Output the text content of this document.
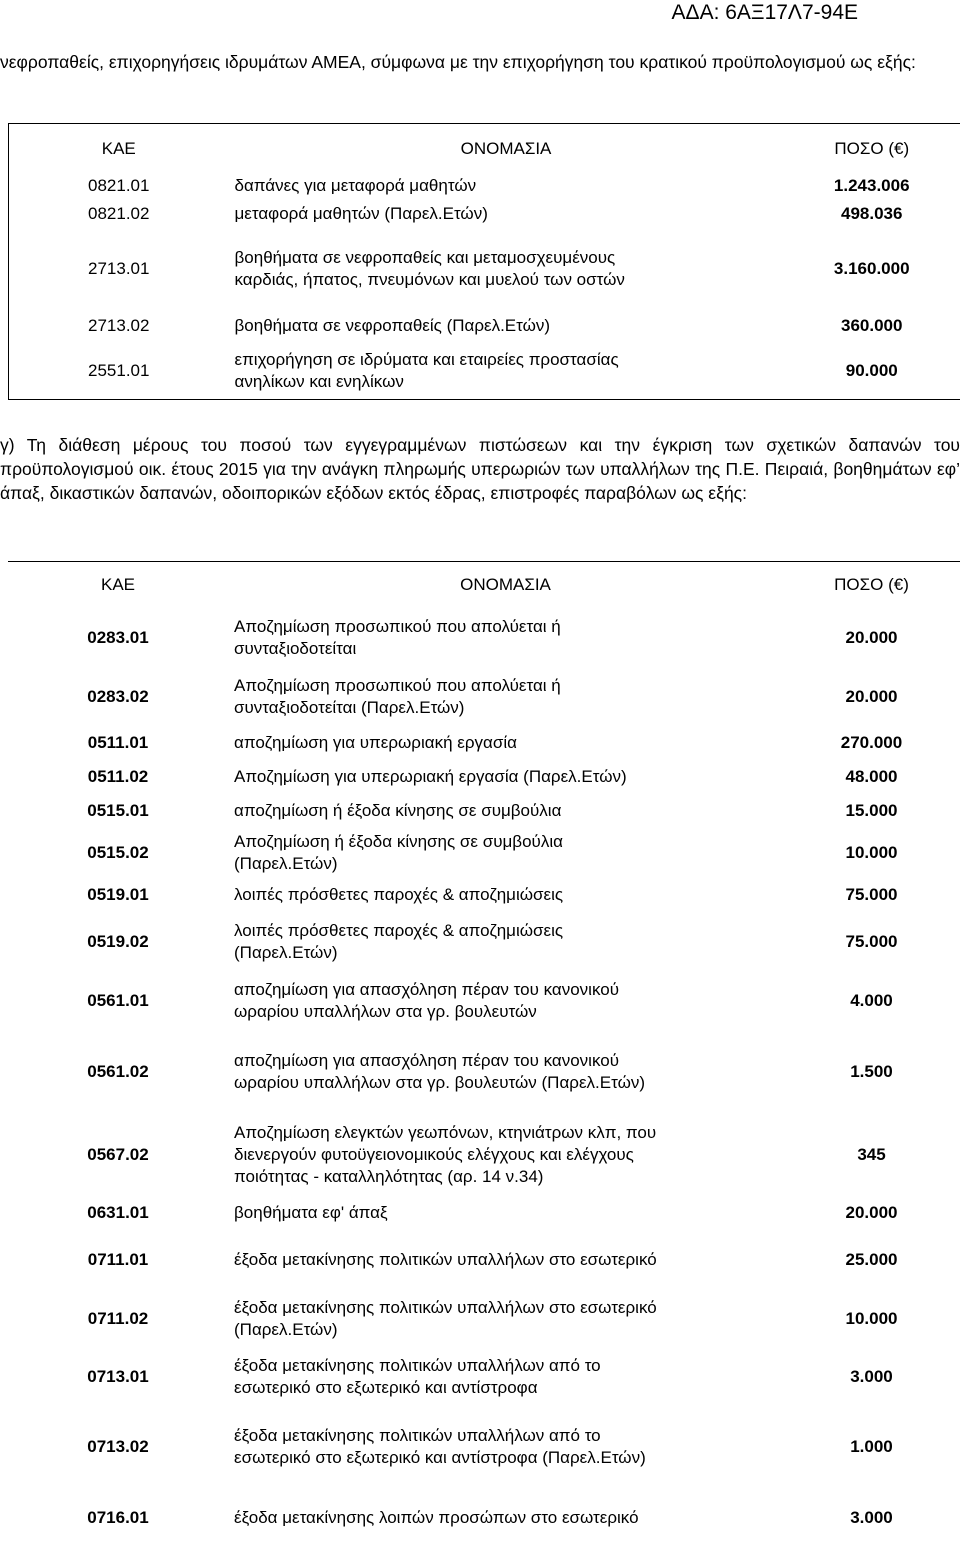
ΑΔΑ: 6ΑΞ17Λ7-94Ε
νεφροπαθείς, επιχορηγήσεις ιδρυμάτων ΑΜΕΑ, σύμφωνα με την επιχορήγηση του κρατικού προϋπολογισμού ως εξής:
ΚΑΕ	ΟΝΟΜΑΣΙΑ	ΠΟΣΟ (€)
0821.01	δαπάνες για μεταφορά μαθητών	1.243.006
0821.02	μεταφορά μαθητών (Παρελ.Ετών)	498.036
2713.01	βοηθήματα σε νεφροπαθείς και μεταμοσχευμένους καρδιάς, ήπατος, πνευμόνων και μυελού των οστών	3.160.000
2713.02	βοηθήματα σε νεφροπαθείς (Παρελ.Ετών)	360.000
2551.01	επιχορήγηση σε ιδρύματα και εταιρείες προστασίας ανηλίκων και ενηλίκων	90.000
γ) Τη διάθεση μέρους του ποσού των εγγεγραμμένων πιστώσεων και την έγκριση των σχετικών δαπανών του προϋπολογισμού οικ. έτους 2015 για την ανάγκη πληρωμής υπερωριών των υπαλλήλων της Π.Ε. Πειραιά, βοηθημάτων εφ’ άπαξ, δικαστικών δαπανών, οδοιπορικών εξόδων εκτός έδρας, επιστροφές παραβόλων ως εξής:
ΚΑΕ	ΟΝΟΜΑΣΙΑ	ΠΟΣΟ (€)
0283.01	Αποζημίωση προσωπικού που απολύεται ή συνταξιοδοτείται	20.000
0283.02	Αποζημίωση προσωπικού που απολύεται ή συνταξιοδοτείται (Παρελ.Ετών)	20.000
0511.01	αποζημίωση για υπερωριακή εργασία	270.000
0511.02	Αποζημίωση για υπερωριακή εργασία (Παρελ.Ετών)	48.000
0515.01	αποζημίωση ή έξοδα κίνησης σε συμβούλια	15.000
0515.02	Αποζημίωση ή έξοδα κίνησης σε συμβούλια (Παρελ.Ετών)	10.000
0519.01	λοιπές πρόσθετες παροχές & αποζημιώσεις	75.000
0519.02	λοιπές πρόσθετες παροχές & αποζημιώσεις (Παρελ.Ετών)	75.000
0561.01	αποζημίωση για απασχόληση πέραν του κανονικού ωραρίου υπαλλήλων στα γρ. βουλευτών	4.000
0561.02	αποζημίωση για απασχόληση πέραν του κανονικού ωραρίου υπαλλήλων στα γρ. βουλευτών (Παρελ.Ετών)	1.500
0567.02	Αποζημίωση ελεγκτών γεωπόνων, κτηνιάτρων κλπ, που διενεργούν φυτοϋγειονομικούς ελέγχους και ελέγχους ποιότητας - καταλληλότητας (αρ. 14 ν.34)	345
0631.01	βοηθήματα εφ' άπαξ	20.000
0711.01	έξοδα μετακίνησης πολιτικών υπαλλήλων στο εσωτερικό	25.000
0711.02	έξοδα μετακίνησης πολιτικών υπαλλήλων στο εσωτερικό (Παρελ.Ετών)	10.000
0713.01	έξοδα μετακίνησης πολιτικών υπαλλήλων από το εσωτερικό στο εξωτερικό και αντίστροφα	3.000
0713.02	έξοδα μετακίνησης πολιτικών υπαλλήλων από το εσωτερικό στο εξωτερικό και αντίστροφα (Παρελ.Ετών)	1.000
0716.01	έξοδα μετακίνησης λοιπών προσώπων στο εσωτερικό	3.000
